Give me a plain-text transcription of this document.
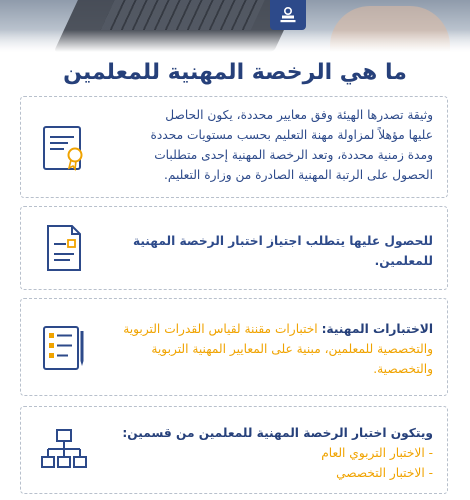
ما هي الرخصة المهنية للمعلمين
وثيقة تصدرها الهيئة وفق معايير محددة، يكون الحاصل
عليها مؤهلاً لمزاولة مهنة التعليم بحسب مستويات محددة
ومدة زمنية محددة، وتعد الرخصة المهنية إحدى متطلبات
الحصول على الرتبة المهنية الصادرة من وزارة التعليم.
للحصول عليها يتطلب اجتياز اختبار الرخصة المهنية
للمعلمين.
الاختبارات المهنية: اختبارات مقننة لقياس القدرات التربوية
والتخصصية للمعلمين، مبنية على المعايير المهنية التربوية
والتخصصية.
ويتكون اختبار الرخصة المهنية للمعلمين من قسمين:
- الاختبار التربوي العام
- الاختبار التخصصي
